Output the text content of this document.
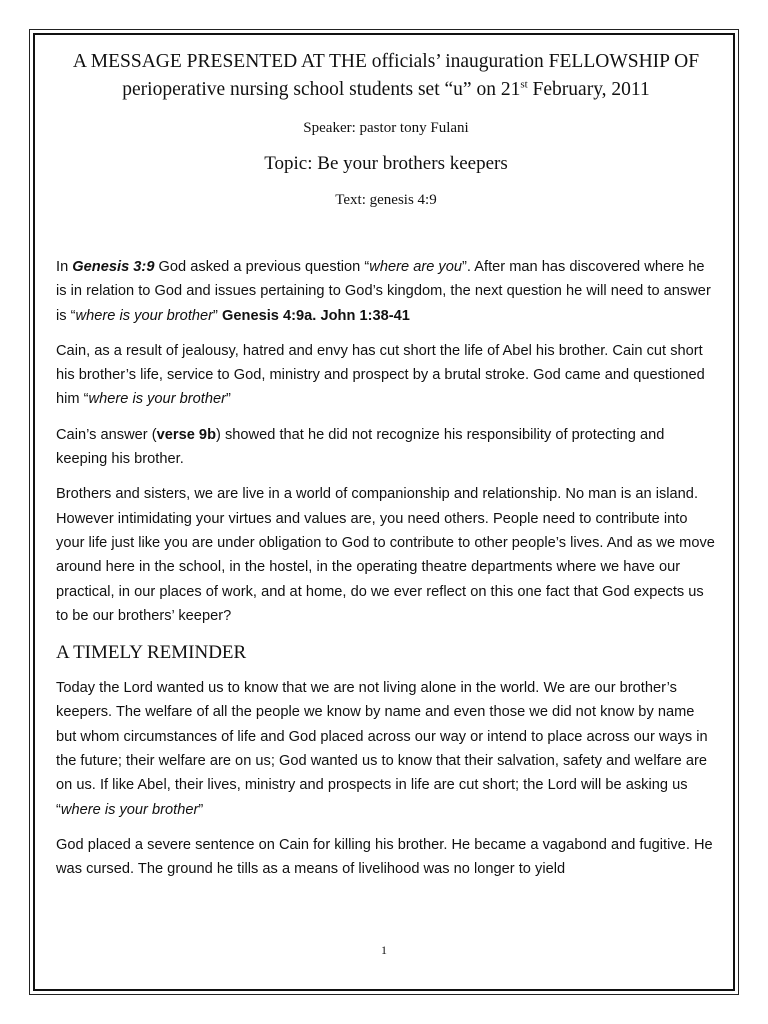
A MESSAGE PRESENTED AT THE officials’ inauguration FELLOWSHIP OF
perioperative nursing school students set “u” on 21st February, 2011
Speaker: pastor tony Fulani
Topic: Be your brothers keepers
Text: genesis 4:9

In Genesis 3:9 God asked a previous question “where are you”. After man has discovered where he is in relation to God and issues pertaining to God’s kingdom, the next question he will need to answer is “where is your brother” Genesis 4:9a. John 1:38-41

Cain, as a result of jealousy, hatred and envy has cut short the life of Abel his brother. Cain cut short his brother’s life, service to God, ministry and prospect by a brutal stroke. God came and questioned him “where is your brother”

Cain’s answer (verse 9b) showed that he did not recognize his responsibility of protecting and keeping his brother.

Brothers and sisters, we are live in a world of companionship and relationship. No man is an island. However intimidating your virtues and values are, you need others. People need to contribute into your life just like you are under obligation to God to contribute to other people’s lives. And as we move around here in the school, in the hostel, in the operating theatre departments where we have our practical, in our places of work, and at home, do we ever reflect on this one fact that God expects us to be our brothers’ keeper?

A TIMELY REMINDER

Today the Lord wanted us to know that we are not living alone in the world. We are our brother’s keepers. The welfare of all the people we know by name and even those we did not know by name but whom circumstances of life and God placed across our way or intend to place across our ways in the future; their welfare are on us; God wanted us to know that their salvation, safety and welfare are on us. If like Abel, their lives, ministry and prospects in life are cut short; the Lord will be asking us “where is your brother”

God placed a severe sentence on Cain for killing his brother. He became a vagabond and fugitive. He was cursed. The ground he tills as a means of livelihood was no longer to yield

1
